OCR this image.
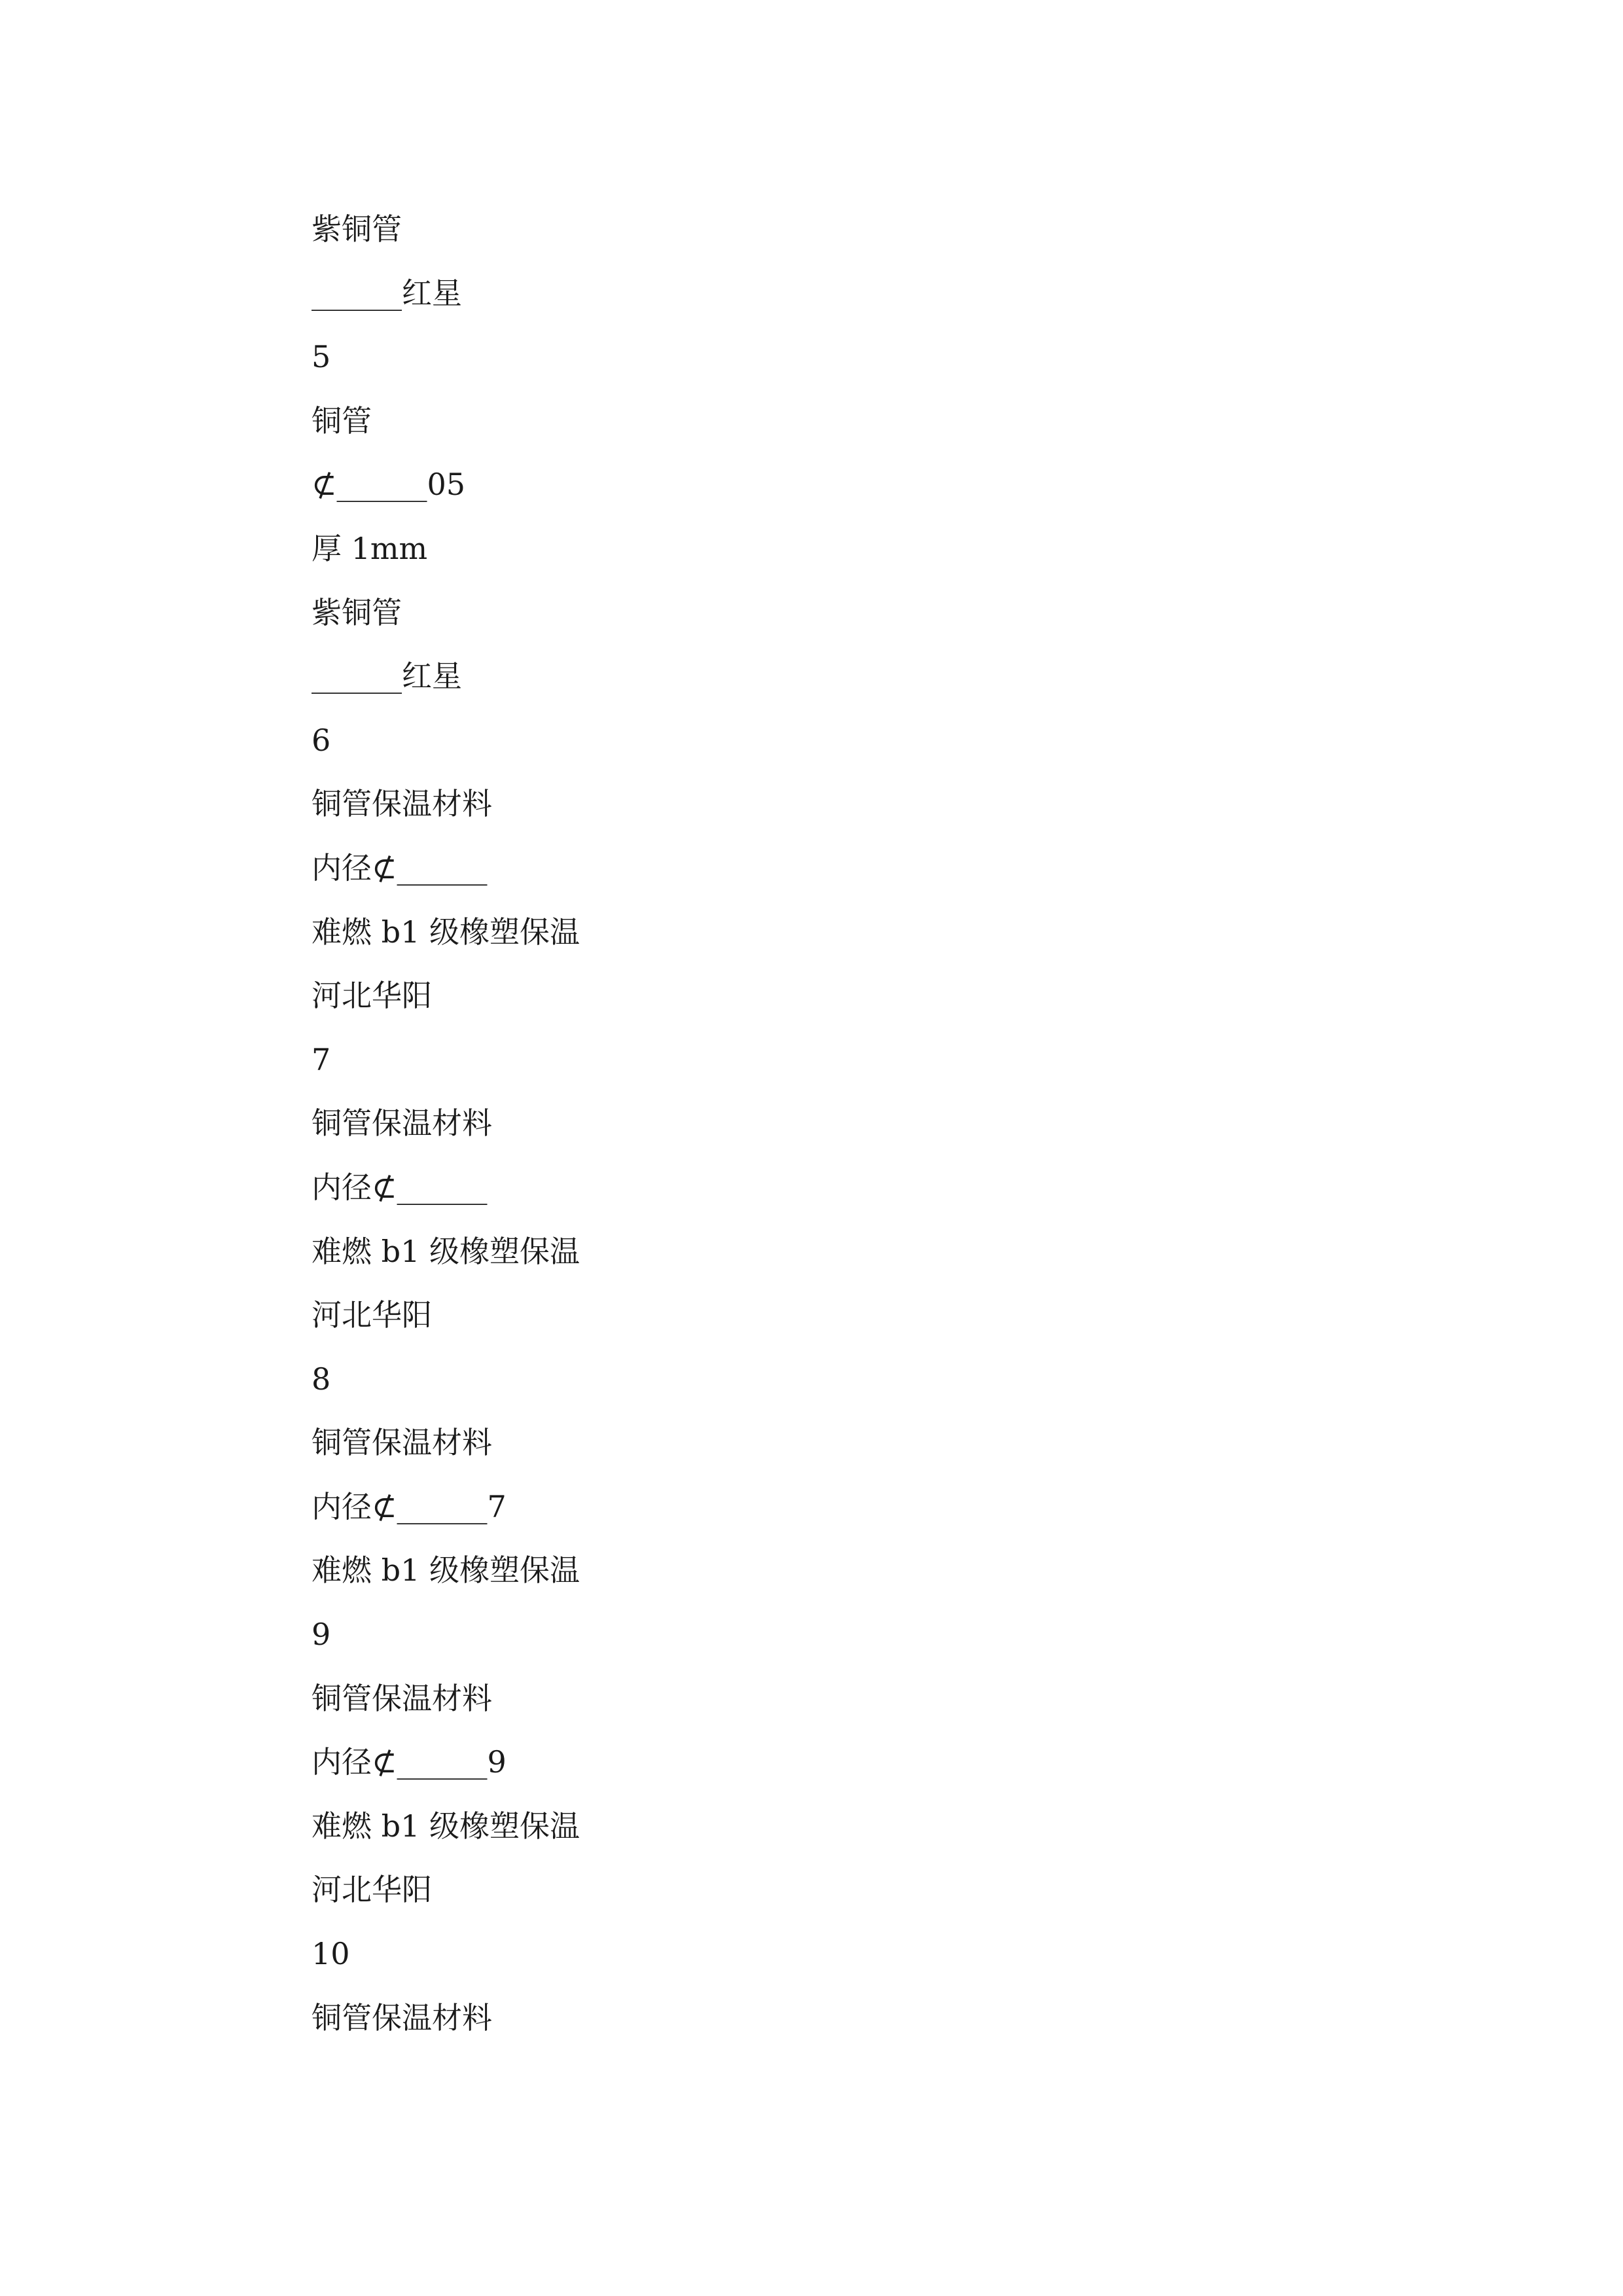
紫铜管
______红星
5
铜管
⊄______05
厚 1mm
紫铜管
______红星
6
铜管保温材料
内径⊄______
难燃 b1 级橡塑保温
河北华阳
7
铜管保温材料
内径⊄______
难燃 b1 级橡塑保温
河北华阳
8
铜管保温材料
内径⊄______7
难燃 b1 级橡塑保温
9
铜管保温材料
内径⊄______9
难燃 b1 级橡塑保温
河北华阳
10
铜管保温材料
